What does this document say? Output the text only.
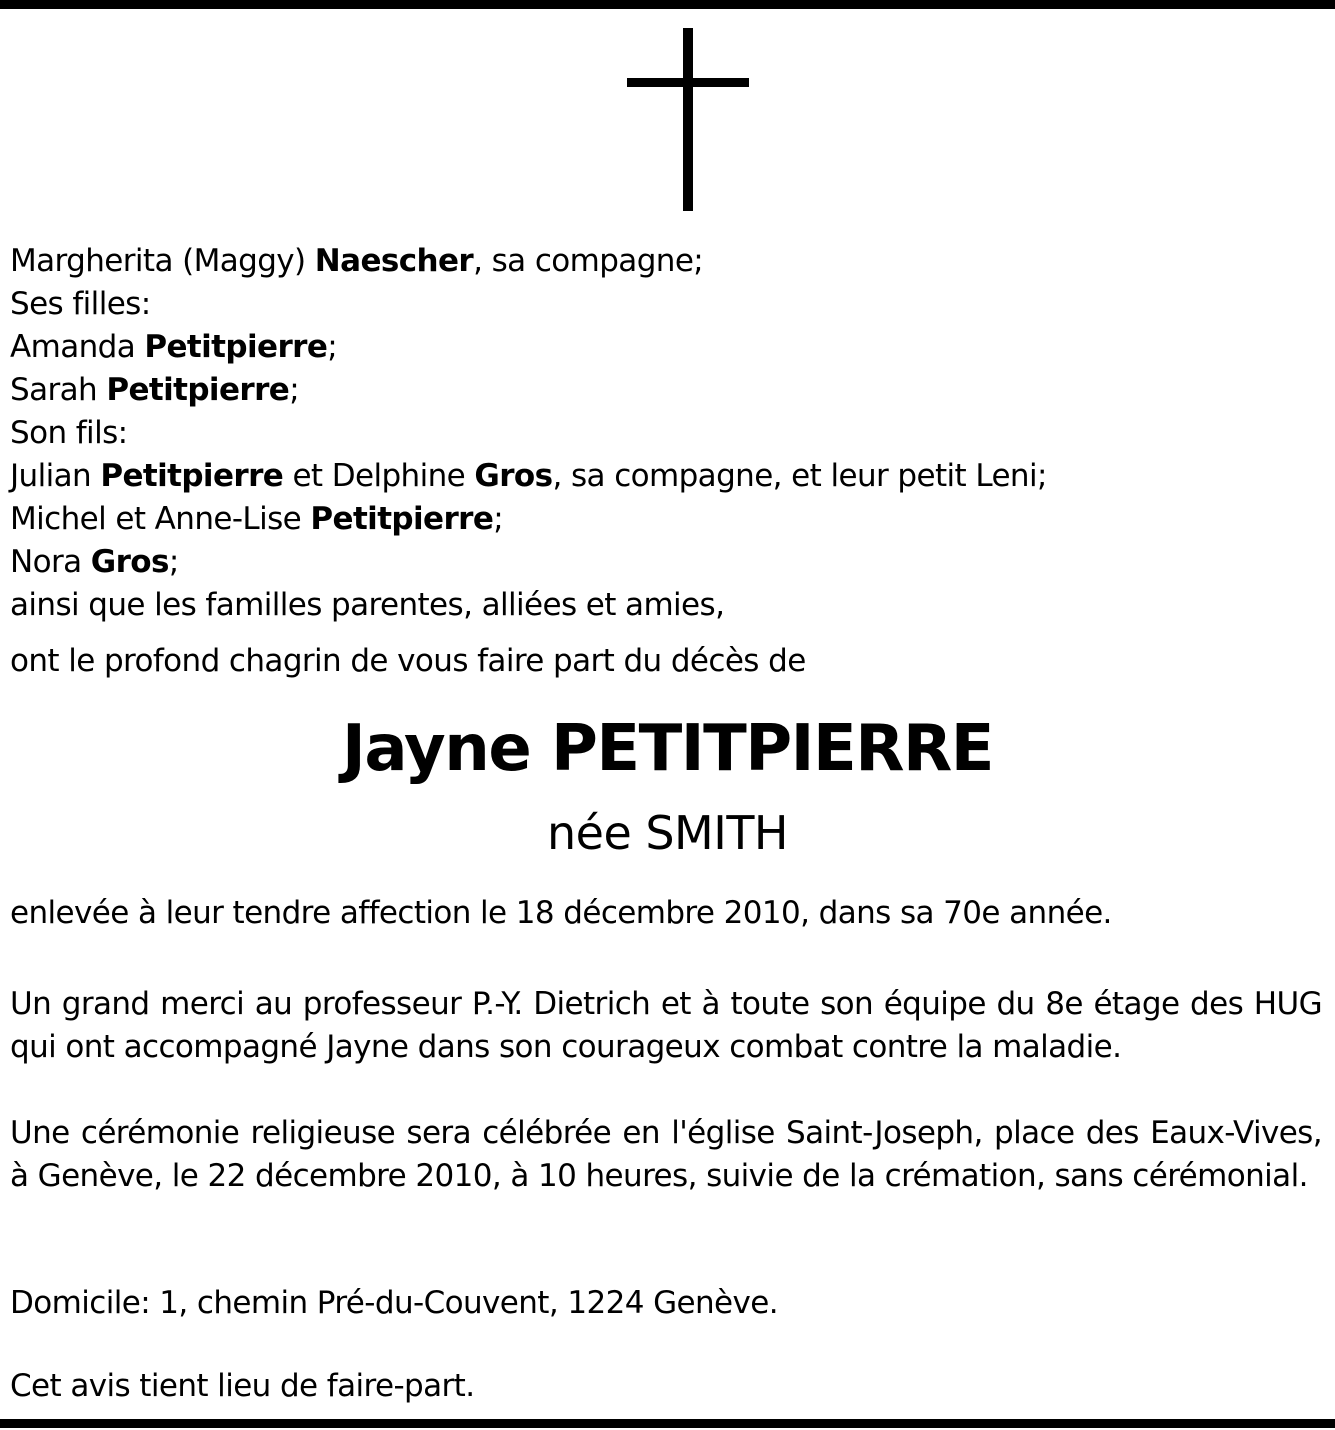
Margherita (Maggy) Naescher, sa compagne;
Ses filles:
Amanda Petitpierre;
Sarah Petitpierre;
Son fils:
Julian Petitpierre et Delphine Gros, sa compagne, et leur petit Leni;
Michel et Anne-Lise Petitpierre;
Nora Gros;
ainsi que les familles parentes, alliées et amies,
ont le profond chagrin de vous faire part du décès de
Jayne PETITPIERRE
née SMITH
enlevée à leur tendre affection le 18 décembre 2010, dans sa 70e année.
Un grand merci au professeur P.-Y. Dietrich et à toute son équipe du 8e étage des HUG qui ont accompagné Jayne dans son courageux combat contre la maladie.
Une cérémonie religieuse sera célébrée en l'église Saint-Joseph, place des Eaux-Vives, à Genève, le 22 décembre 2010, à 10 heures, suivie de la crémation, sans cérémonial.
Domicile: 1, chemin Pré-du-Couvent, 1224 Genève.
Cet avis tient lieu de faire-part.
